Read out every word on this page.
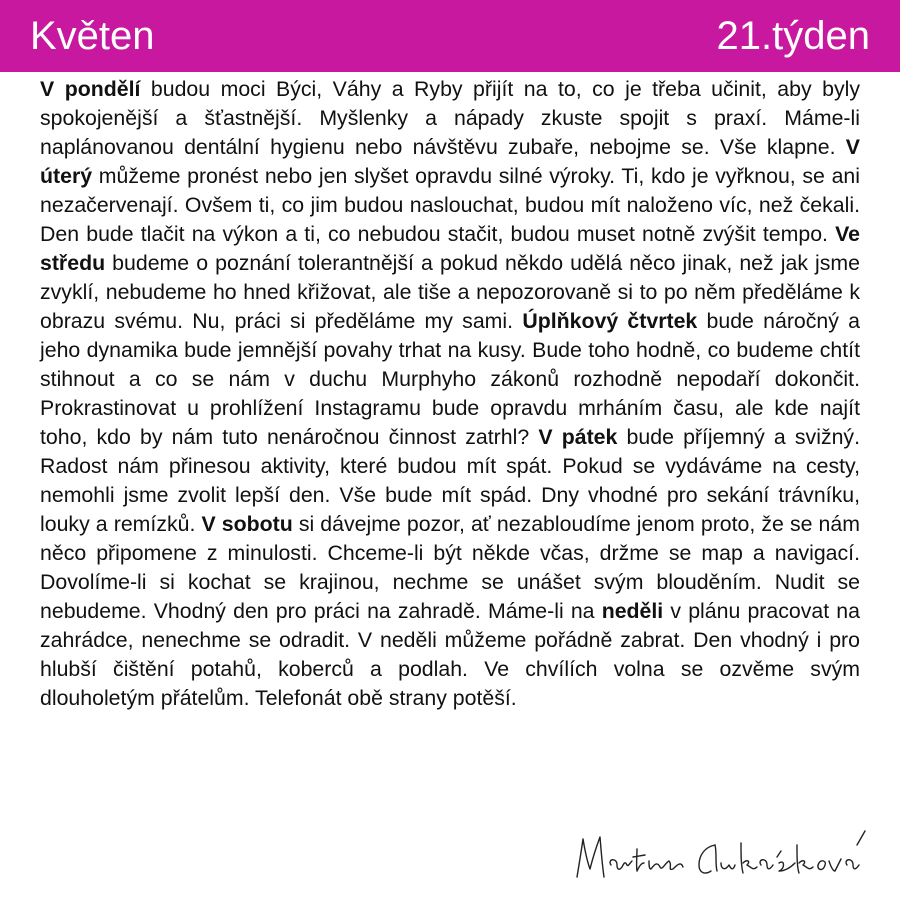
Květen	21.týden

V pondělí budou moci Býci, Váhy a Ryby přijít na to, co je třeba učinit, aby byly spokojenější a šťastnější. Myšlenky a nápady zkuste spojit s praxí. Máme-li naplánovanou dentální hygienu nebo návštěvu zubaře, nebojme se. Vše klapne. V úterý můžeme pronést nebo jen slyšet opravdu silné výroky. Ti, kdo je vyřknou, se ani nezačervenají. Ovšem ti, co jim budou naslouchat, budou mít naloženo víc, než čekali. Den bude tlačit na výkon a ti, co nebudou stačit, budou muset notně zvýšit tempo. Ve středu budeme o poznání tolerantnější a pokud někdo udělá něco jinak, než jak jsme zvyklí, nebudeme ho hned křižovat, ale tiše a nepozorovaně si to po něm předěláme k obrazu svému. Nu, práci si předěláme my sami. Úplňkový čtvrtek bude náročný a jeho dynamika bude jemnější povahy trhat na kusy. Bude toho hodně, co budeme chtít stihnout a co se nám v duchu Murphyho zákonů rozhodně nepodaří dokončit. Prokrastinovat u prohlížení Instagramu bude opravdu mrháním času, ale kde najít toho, kdo by nám tuto nenáročnou činnost zatrhl? V pátek bude příjemný a svižný. Radost nám přinesou aktivity, které budou mít spát. Pokud se vydáváme na cesty, nemohli jsme zvolit lepší den. Vše bude mít spád. Dny vhodné pro sekání trávníku, louky a remízků. V sobotu si dávejme pozor, ať nezabloudíme jenom proto, že se nám něco připomene z minulosti. Chceme-li být někde včas, držme se map a navigací. Dovolíme-li si kochat se krajinou, nechme se unášet svým blouděním. Nudit se nebudeme. Vhodný den pro práci na zahradě. Máme-li na neděli v plánu pracovat na zahrádce, nenechme se odradit. V neděli můžeme pořádně zabrat. Den vhodný i pro hlubší čištění potahů, koberců a podlah. Ve chvílích volna se ozvěme svým dlouholetým přátelům. Telefonát obě strany potěší.
